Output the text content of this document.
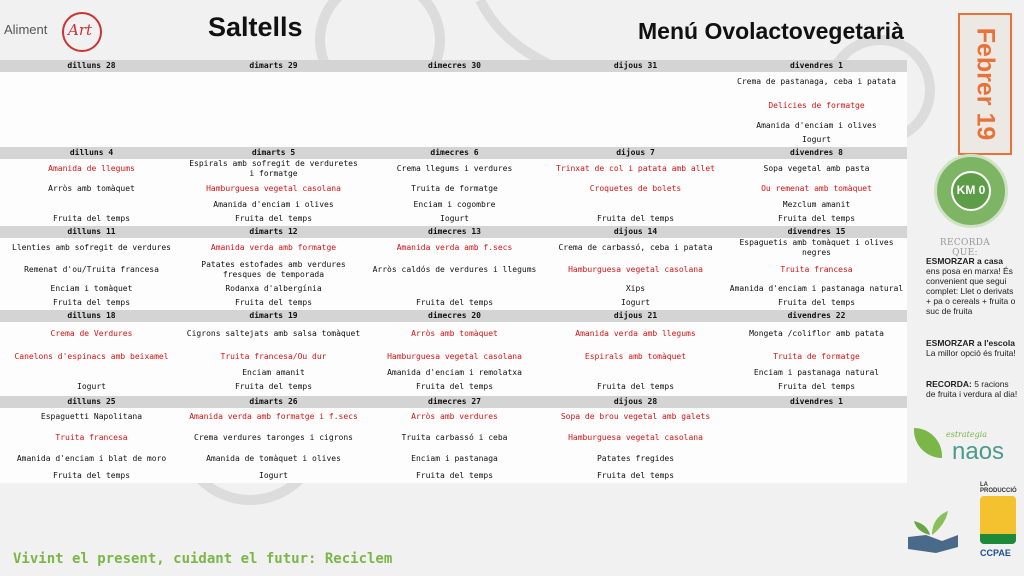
Aliment Art	Saltells	Menú Ovolactovegetarià	Febrer 19
KM 0
dilluns 28	dimarts 29	dimecres 30	dijous 31	divendres 1
				Crema de pastanaga, ceba i patata
				Delícies de formatge
				Amanida d'enciam i olives
				Iogurt
dilluns 4	dimarts 5	dimecres 6	dijous 7	divendres 8
Amanida de llegums	Espirals amb sofregit de verduretes i formatge	Crema llegums i verdures	Trinxat de col i patata amb allet	Sopa vegetal amb pasta
Arròs amb tomàquet	Hamburguesa vegetal casolana	Truita de formatge	Croquetes de bolets	Ou remenat amb tomàquet
	Amanida d'enciam i olives	Enciam i cogombre		Mezclum amanit
Fruita del temps	Fruita del temps	Iogurt	Fruita del temps	Fruita del temps
dilluns 11	dimarts 12	dimecres 13	dijous 14	divendres 15
Llenties amb sofregit de verdures	Amanida verda amb formatge	Amanida verda amb f.secs	Crema de carbassó, ceba i patata	Espaguetis amb tomàquet i olives negres
Remenat d'ou/Truita francesa	Patates estofades amb verdures fresques de temporada	Arròs caldós de verdures i llegums	Hamburguesa vegetal casolana	Truita francesa
Enciam i tomàquet	Rodanxa d'albergínia		Xips	Amanida d'enciam i pastanaga natural
Fruita del temps	Fruita del temps	Fruita del temps	Iogurt	Fruita del temps
dilluns 18	dimarts 19	dimecres 20	dijous 21	divendres 22
Crema de Verdures	Cigrons saltejats amb salsa tomàquet	Arròs amb tomàquet	Amanida verda amb llegums	Mongeta /coliflor amb patata
Canelons d'espinacs amb beixamel	Truita francesa/Ou dur	Hamburguesa vegetal casolana	Espirals amb tomàquet	Truita de formatge
	Enciam amanit	Amanida d'enciam i remolatxa		Enciam i pastanaga natural
Iogurt	Fruita del temps	Fruita del temps	Fruita del temps	Fruita del temps
dilluns 25	dimarts 26	dimecres 27	dijous 28	divendres 1
Espaguetti Napolitana	Amanida verda amb formatge i f.secs	Arròs amb verdures	Sopa de brou vegetal amb galets	
Truita francesa	Crema verdures taronges i cigrons	Truita carbassó i ceba	Hamburguesa vegetal casolana	
Amanida d'enciam i blat de moro	Amanida de tomàquet i olives	Enciam i pastanaga	Patates fregides	
Fruita del temps	Iogurt	Fruita del temps	Fruita del temps	
RECORDA QUE:
ESMORZAR a casa
ens posa en marxa! És convenient que segui complet: Llet o derivats + pa o cereals + fruita o suc de fruita
ESMORZAR a l'escola
La millor opció és fruita!
RECORDA: 5 racions de fruita i verdura al dia!
estrategia
naos
LA PRODUCCIÓ
CCPAE
Vivint el present, cuidant el futur: Reciclem
